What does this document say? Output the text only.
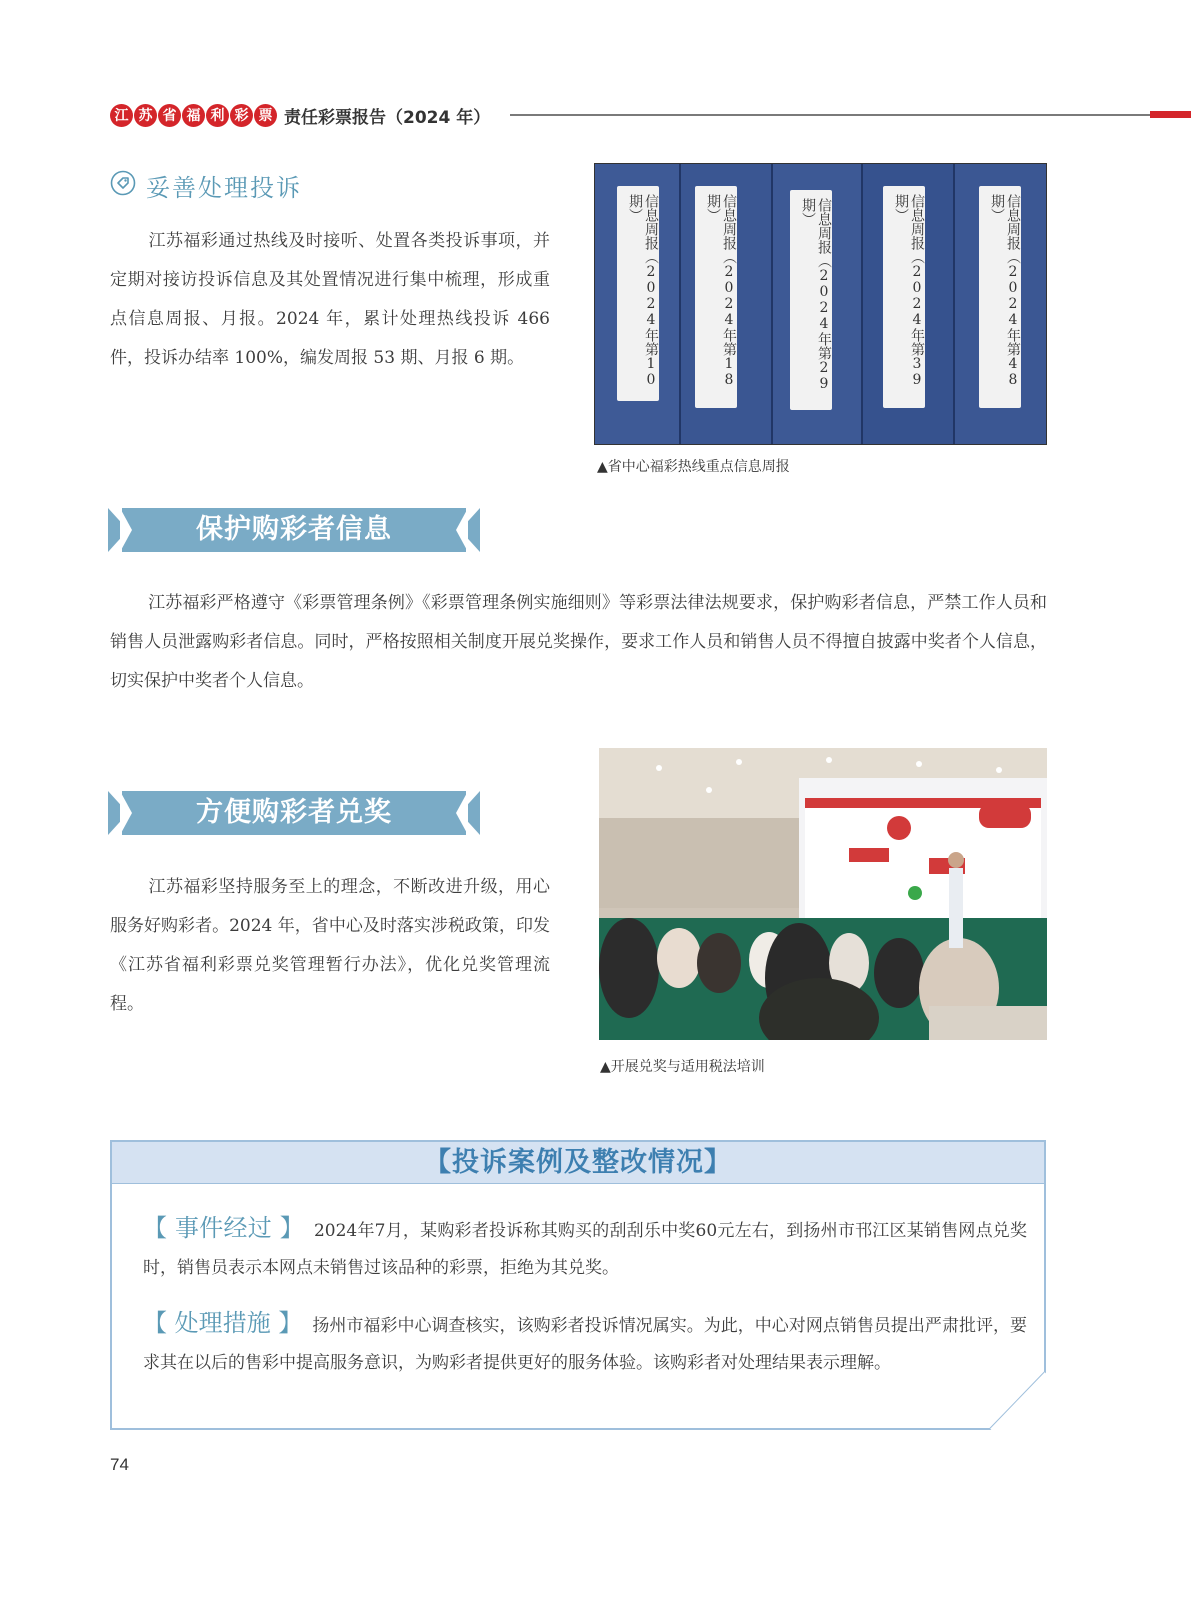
江 苏 省 福 利 彩 票 责任彩票报告（2024 年）
妥善处理投诉
江苏福彩通过热线及时接听、处置各类投诉事项，并定期对接访投诉信息及其处置情况进行集中梳理，形成重点信息周报、月报。2024 年，累计处理热线投诉 466 件，投诉办结率 100%，编发周报 53 期、月报 6 期。	信息周报（2024年第10期）	信息周报（2024年第18期）	信息周报（2024年第29期）	信息周报（2024年第39期）	信息周报（2024年第48期）
▲省中心福彩热线重点信息周报
保护购彩者信息
江苏福彩严格遵守《彩票管理条例》《彩票管理条例实施细则》等彩票法律法规要求，保护购彩者信息，严禁工作人员和销售人员泄露购彩者信息。同时，严格按照相关制度开展兑奖操作，要求工作人员和销售人员不得擅自披露中奖者个人信息，切实保护中奖者个人信息。
方便购彩者兑奖
江苏福彩坚持服务至上的理念，不断改进升级，用心服务好购彩者。2024 年，省中心及时落实涉税政策，印发《江苏省福利彩票兑奖管理暂行办法》，优化兑奖管理流程。
▲开展兑奖与适用税法培训
【投诉案例及整改情况】
【 事件经过 】 2024年7月，某购彩者投诉称其购买的刮刮乐中奖60元左右，到扬州市邗江区某销售网点兑奖时，销售员表示本网点未销售过该品种的彩票，拒绝为其兑奖。
【 处理措施 】 扬州市福彩中心调查核实，该购彩者投诉情况属实。为此，中心对网点销售员提出严肃批评，要求其在以后的售彩中提高服务意识，为购彩者提供更好的服务体验。该购彩者对处理结果表示理解。
74
